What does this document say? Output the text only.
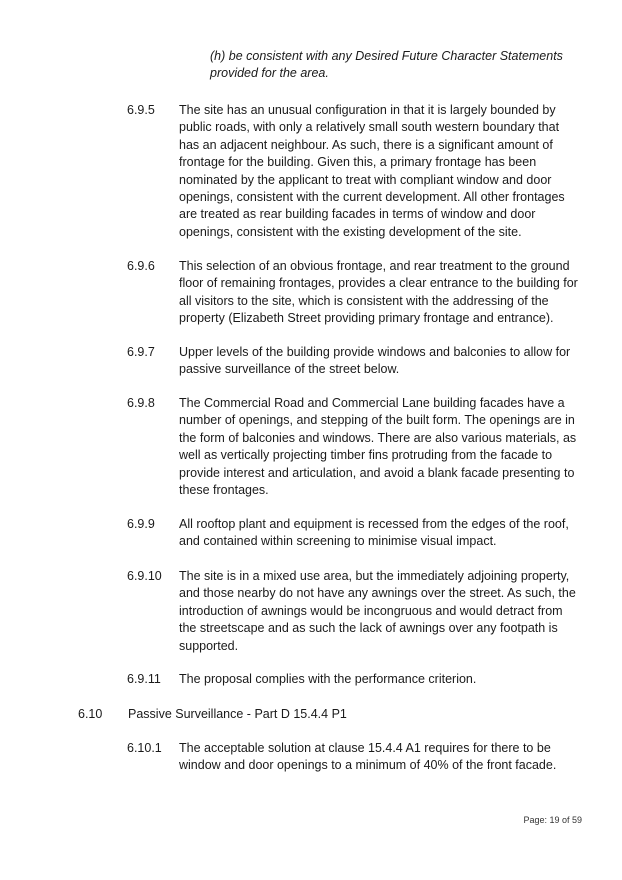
(h) be consistent with any Desired Future Character Statements provided for the area.
6.9.5	The site has an unusual configuration in that it is largely bounded by public roads, with only a relatively small south western boundary that has an adjacent neighbour. As such, there is a significant amount of frontage for the building. Given this, a primary frontage has been nominated by the applicant to treat with compliant window and door openings, consistent with the current development. All other frontages are treated as rear building facades in terms of window and door openings, consistent with the existing development of the site.
6.9.6	This selection of an obvious frontage, and rear treatment to the ground floor of remaining frontages, provides a clear entrance to the building for all visitors to the site, which is consistent with the addressing of the property (Elizabeth Street providing primary frontage and entrance).
6.9.7	Upper levels of the building provide windows and balconies to allow for passive surveillance of the street below.
6.9.8	The Commercial Road and Commercial Lane building facades have a number of openings, and stepping of the built form. The openings are in the form of balconies and windows. There are also various materials, as well as vertically projecting timber fins protruding from the facade to provide interest and articulation, and avoid a blank facade presenting to these frontages.
6.9.9	All rooftop plant and equipment is recessed from the edges of the roof, and contained within screening to minimise visual impact.
6.9.10	The site is in a mixed use area, but the immediately adjoining property, and those nearby do not have any awnings over the street. As such, the introduction of awnings would be incongruous and would detract from the streetscape and as such the lack of awnings over any footpath is supported.
6.9.11	The proposal complies with the performance criterion.
6.10 Passive Surveillance - Part D 15.4.4 P1
6.10.1	The acceptable solution at clause 15.4.4 A1 requires for there to be window and door openings to a minimum of 40% of the front facade.
Page: 19 of 59
